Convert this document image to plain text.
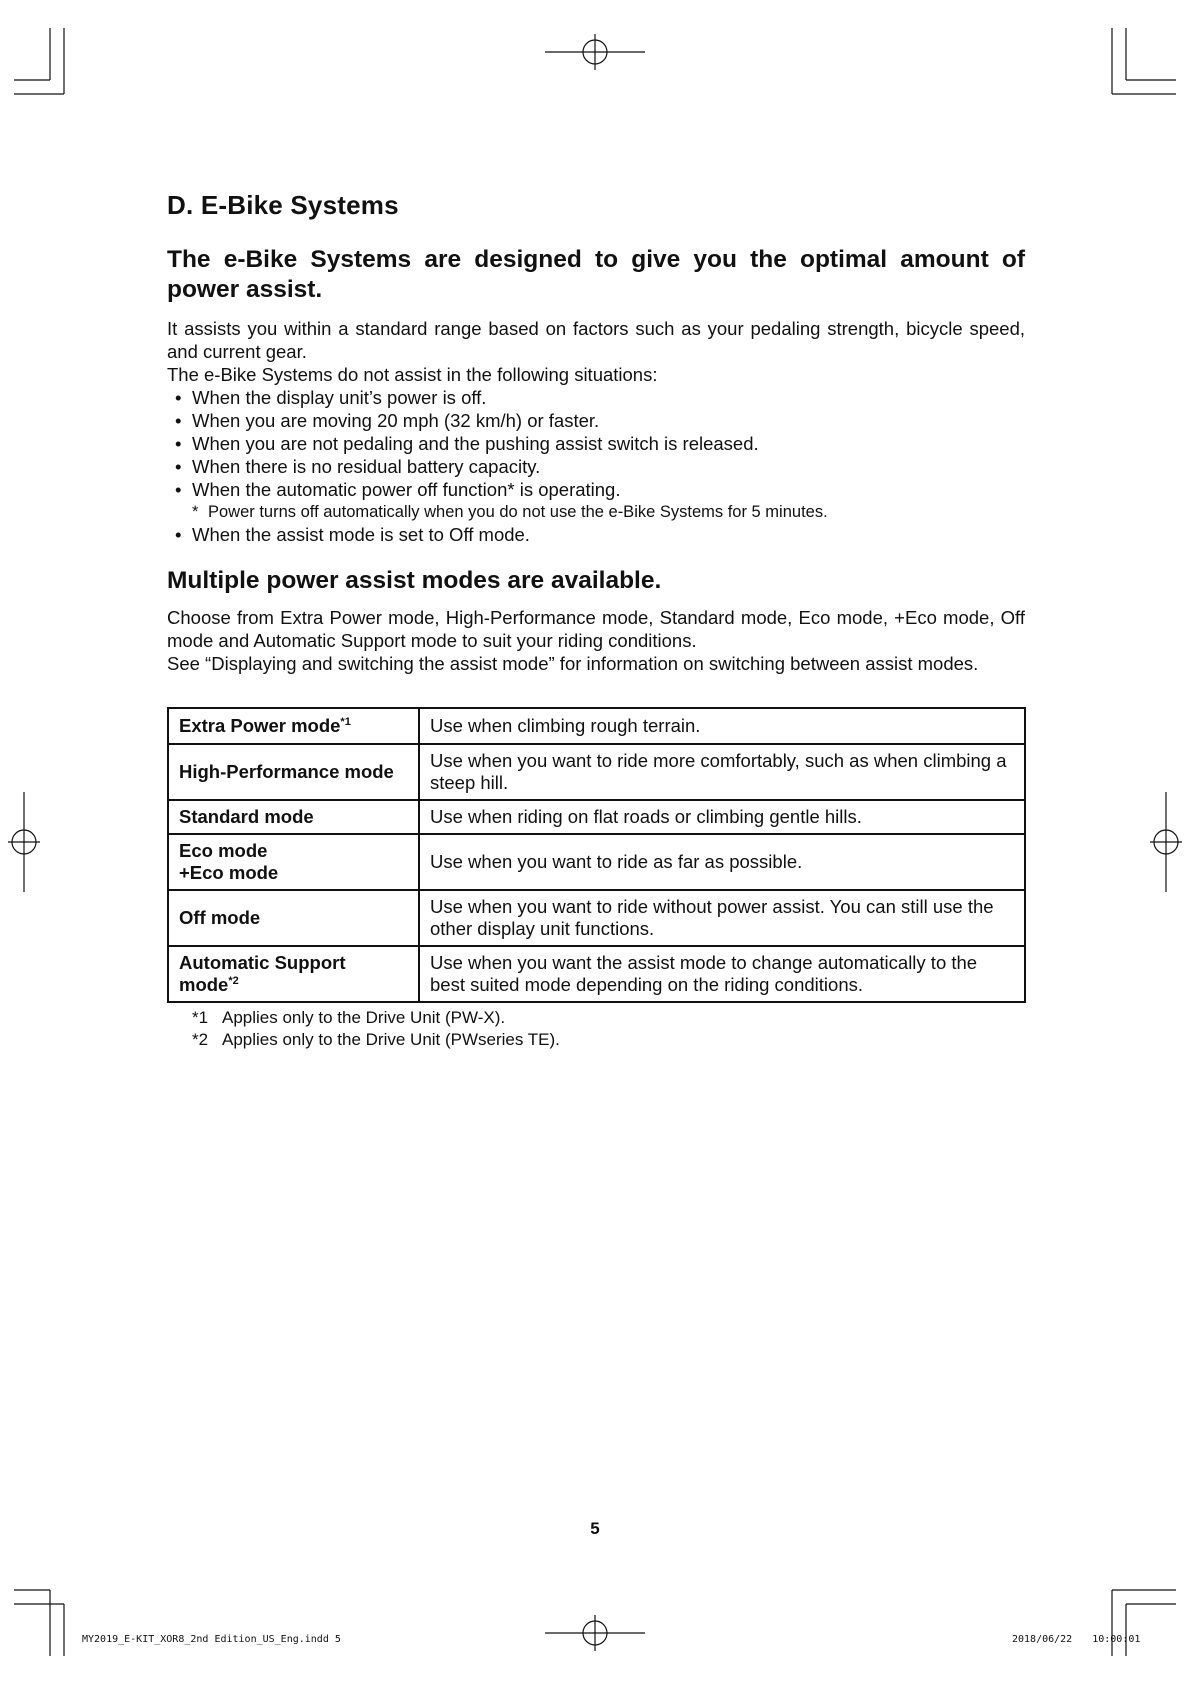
D. E-Bike Systems
The e-Bike Systems are designed to give you the optimal amount of power assist.

It assists you within a standard range based on factors such as your pedaling strength, bicycle speed, and current gear.

The e-Bike Systems do not assist in the following situations:

• When the display unit’s power is off.
• When you are moving 20 mph (32 km/h) or faster.
• When you are not pedaling and the pushing assist switch is released.
• When there is no residual battery capacity.
• When the automatic power off function* is operating.
* Power turns off automatically when you do not use the e-Bike Systems for 5 minutes.
• When the assist mode is set to Off mode.
Multiple power assist modes are available.

Choose from Extra Power mode, High-Performance mode, Standard mode, Eco mode, +Eco mode, Off mode and Automatic Support mode to suit your riding conditions.

See “Displaying and switching the assist mode” for information on switching between assist modes.

Extra Power mode$^{*1}$	Use when climbing rough terrain.
High-Performance mode	Use when you want to ride more comfortably, such as when climbing a steep hill.
Standard mode	Use when riding on flat roads or climbing gentle hills.
Eco mode
+Eco mode	Use when you want to ride as far as possible.
Off mode	Use when you want to ride without power assist. You can still use the other display unit functions.
Automatic Support
mode$^{*2}$	Use when you want the assist mode to change automatically to the best suited mode depending on the riding conditions.
*1 Applies only to the Drive Unit (PW-X).
*2 Applies only to the Drive Unit (PWseries TE).
5
MY2019_E-KIT_XOR8_2nd Edition_US_Eng.indd 5	2018/06/22 10:00:01
